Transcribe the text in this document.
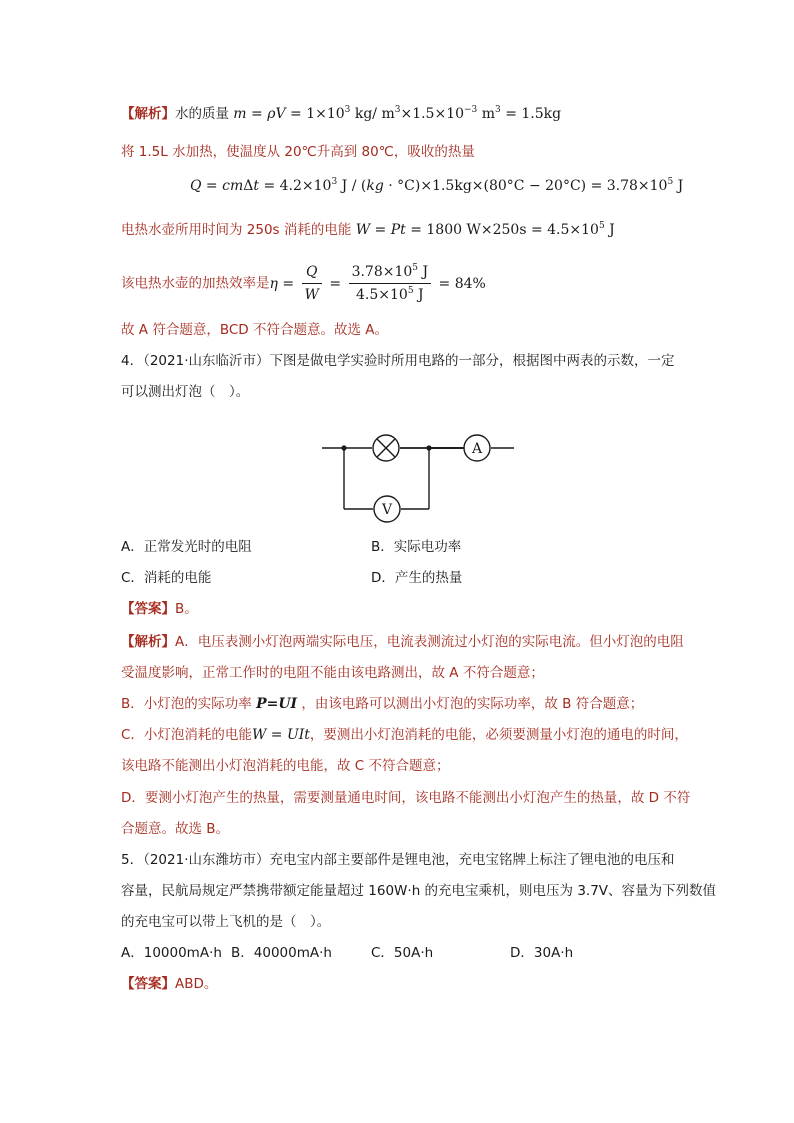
【解析】水的质量 $m = \rho V = 1\times 10^3$ kg/ $m^3\times 1.5\times 10^{-3}$ $m^3 = 1.5kg$
将 1.5L 水加热，使温度从 20℃升高到 80℃，吸收的热量
$Q = cm\Delta t = 4.2\times 10^3$ $J / (kg \cdot ^\circ C)\times 1.5kg\times(80^\circ C - 20^\circ C) = 3.78\times 10^5$ J
电热水壶所用时间为 250s 消耗的电能 W = Pt = 1800 $W\times 250s = 4.5\times 10^5$ J
该电热水壶的加热效率是$\eta = \frac{Q}{W} = \frac{3.78\times 10^5 J}{4.5\times 10^5 J} = 84\%$
故 A 符合题意，BCD 不符合题意。故选 A。
4．（2021·山东临沂市）下图是做电学实验时所用电路的一部分，根据图中两表的示数，一定
可以测出灯泡（　）。
A
V
A．正常发光时的电阻	B．实际电功率
C．消耗的电能	D．产生的热量
【答案】B。
【解析】A．电压表测小灯泡两端实际电压，电流表测流过小灯泡的实际电流。但小灯泡的电阻
受温度影响，正常工作时的电阻不能由该电路测出，故 A 不符合题意；
B．小灯泡的实际功率 P=UI ，由该电路可以测出小灯泡的实际功率，故 B 符合题意；
C．小灯泡消耗的电能W = UIt，要测出小灯泡消耗的电能，必须要测量小灯泡的通电的时间，
该电路不能测出小灯泡消耗的电能，故 C 不符合题意；
D．要测小灯泡产生的热量，需要测量通电时间，该电路不能测出小灯泡产生的热量，故 D 不符
合题意。故选 B。
5．（2021·山东潍坊市）充电宝内部主要部件是锂电池，充电宝铭牌上标注了锂电池的电压和
容量，民航局规定严禁携带额定能量超过 160W·h 的充电宝乘机，则电压为 3.7V、容量为下列数值
的充电宝可以带上飞机的是（　）。
A．10000mA·h B．40000mA·h	C．50A·h	D．30A·h
【答案】ABD。
